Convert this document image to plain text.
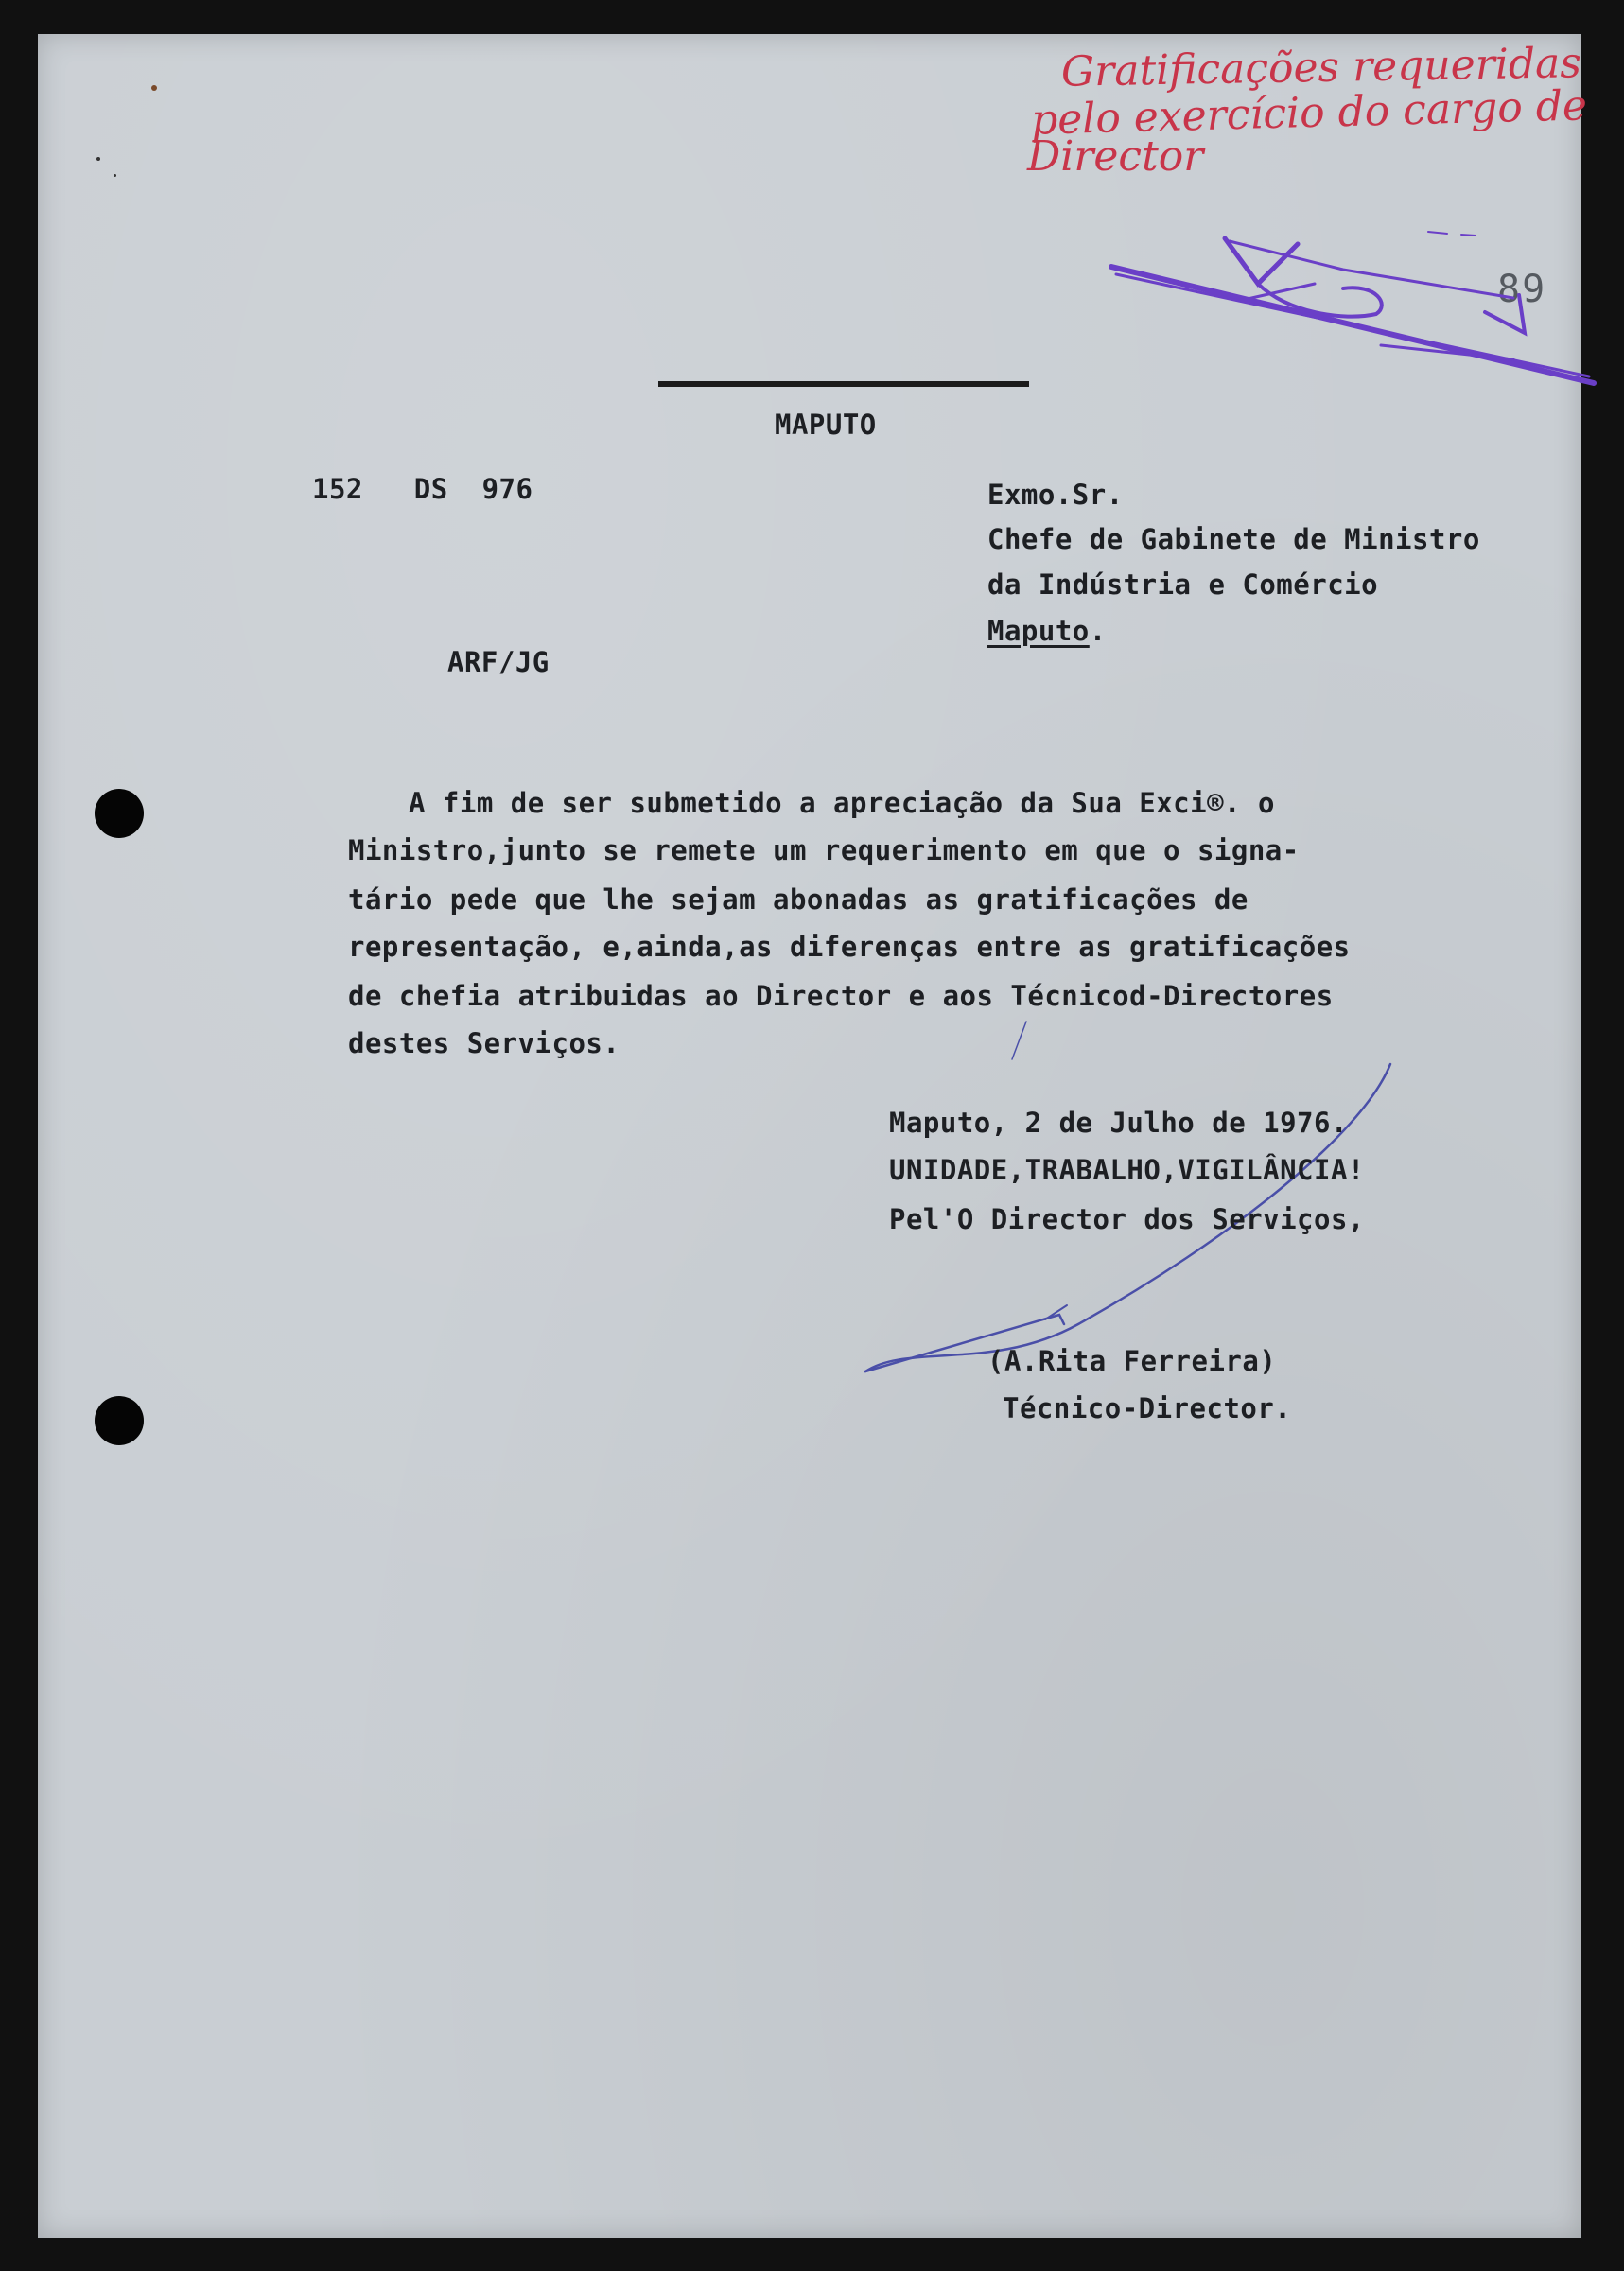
Gratificações requeridas
pelo exercício do cargo de
Director
89
MAPUTO
152   DS  976
ARF/JG
Exmo.Sr.
Chefe de Gabinete de Ministro
da Indústria e Comércio
Maputo.
A fim de ser submetido a apreciação da Sua Exci®. o
Ministro,junto se remete um requerimento em que o signa-
tário pede que lhe sejam abonadas as gratificações de
representação, e,ainda,as diferenças entre as gratificações
de chefia atribuidas ao Director e aos Técnicod-Directores
destes Serviços.
Maputo, 2 de Julho de 1976.
UNIDADE,TRABALHO,VIGILÂNCIA!
Pel'O Director dos Serviços,
(A.Rita Ferreira)
Técnico-Director.
